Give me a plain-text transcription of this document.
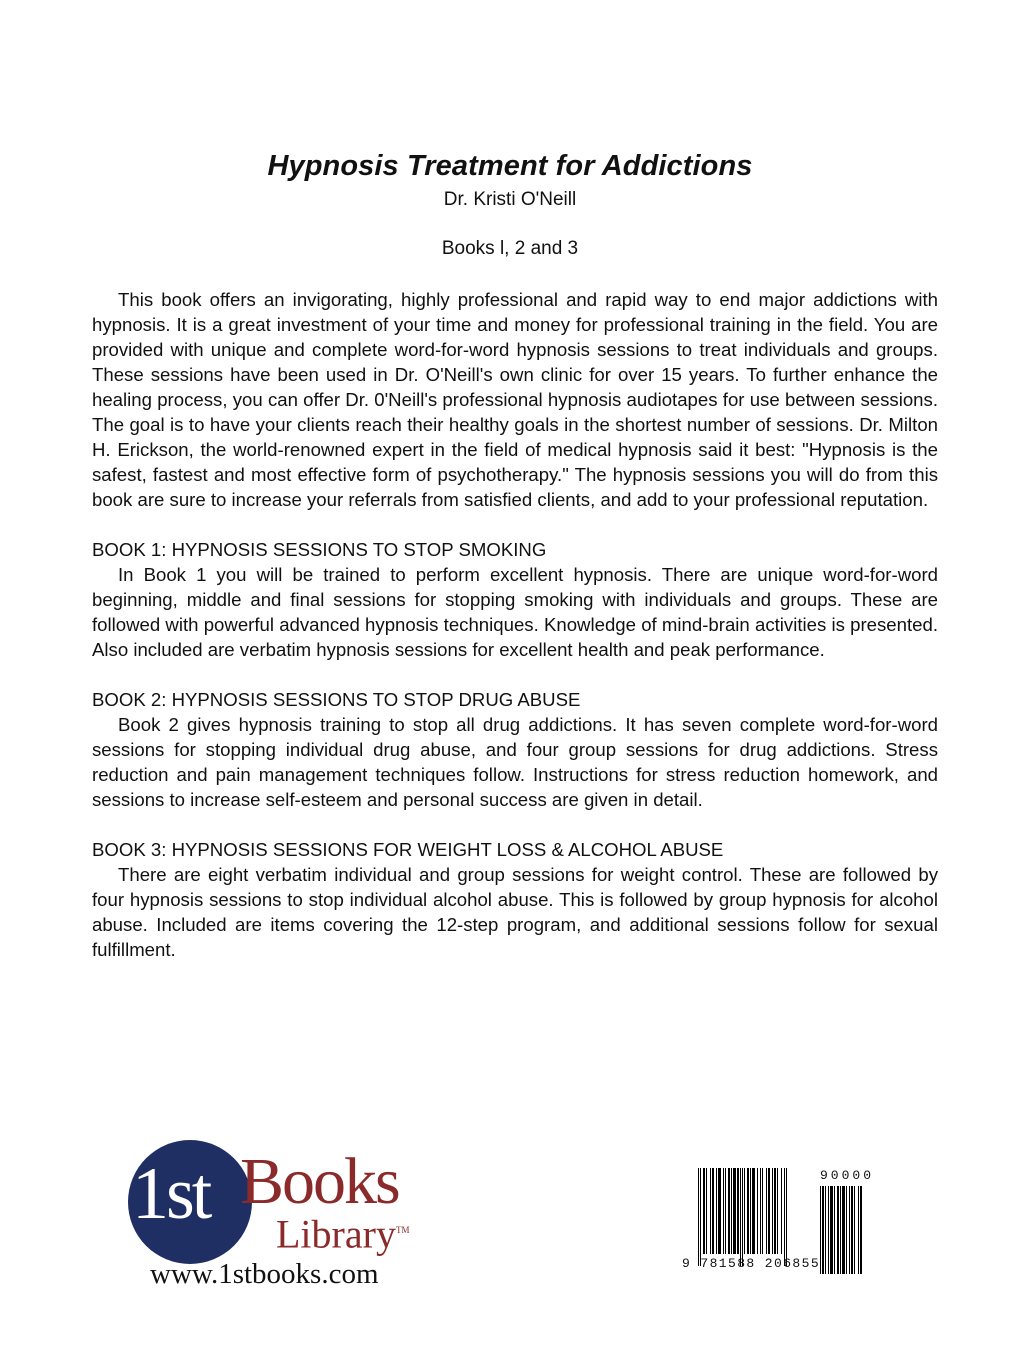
Hypnosis Treatment for Addictions

Dr. Kristi O'Neill

Books l, 2 and 3

This book offers an invigorating, highly professional and rapid way to end major addictions with hypnosis. It is a great investment of your time and money for professional training in the field. You are provided with unique and complete word-for-word hypnosis sessions to treat individuals and groups. These sessions have been used in Dr. O'Neill's own clinic for over 15 years. To further enhance the healing process, you can offer Dr. 0'Neill's professional hypnosis audiotapes for use between sessions. The goal is to have your clients reach their healthy goals in the shortest number of sessions. Dr. Milton H. Erickson, the world-renowned expert in the field of medical hypnosis said it best: "Hypnosis is the safest, fastest and most effective form of psychotherapy." The hypnosis sessions you will do from this book are sure to increase your referrals from satisfied clients, and add to your professional reputation.

BOOK 1: HYPNOSIS SESSIONS TO STOP SMOKING

In Book 1 you will be trained to perform excellent hypnosis. There are unique word-for-word beginning, middle and final sessions for stopping smoking with individuals and groups. These are followed with powerful advanced hypnosis techniques. Knowledge of mind-brain activities is presented. Also included are verbatim hypnosis sessions for excellent health and peak performance.

BOOK 2: HYPNOSIS SESSIONS TO STOP DRUG ABUSE

Book 2 gives hypnosis training to stop all drug addictions. It has seven complete word-for-word sessions for stopping individual drug abuse, and four group sessions for drug addictions. Stress reduction and pain management techniques follow. Instructions for stress reduction homework, and sessions to increase self-esteem and personal success are given in detail.

BOOK 3: HYPNOSIS SESSIONS FOR WEIGHT LOSS & ALCOHOL ABUSE

There are eight verbatim individual and group sessions for weight control. These are followed by four hypnosis sessions to stop individual alcohol abuse. This is followed by group hypnosis for alcohol abuse. Included are items covering the 12-step program, and additional sessions follow for sexual fulfillment.

1st Books
Library™
www.1stbooks.com	9 781588 206855
90000
